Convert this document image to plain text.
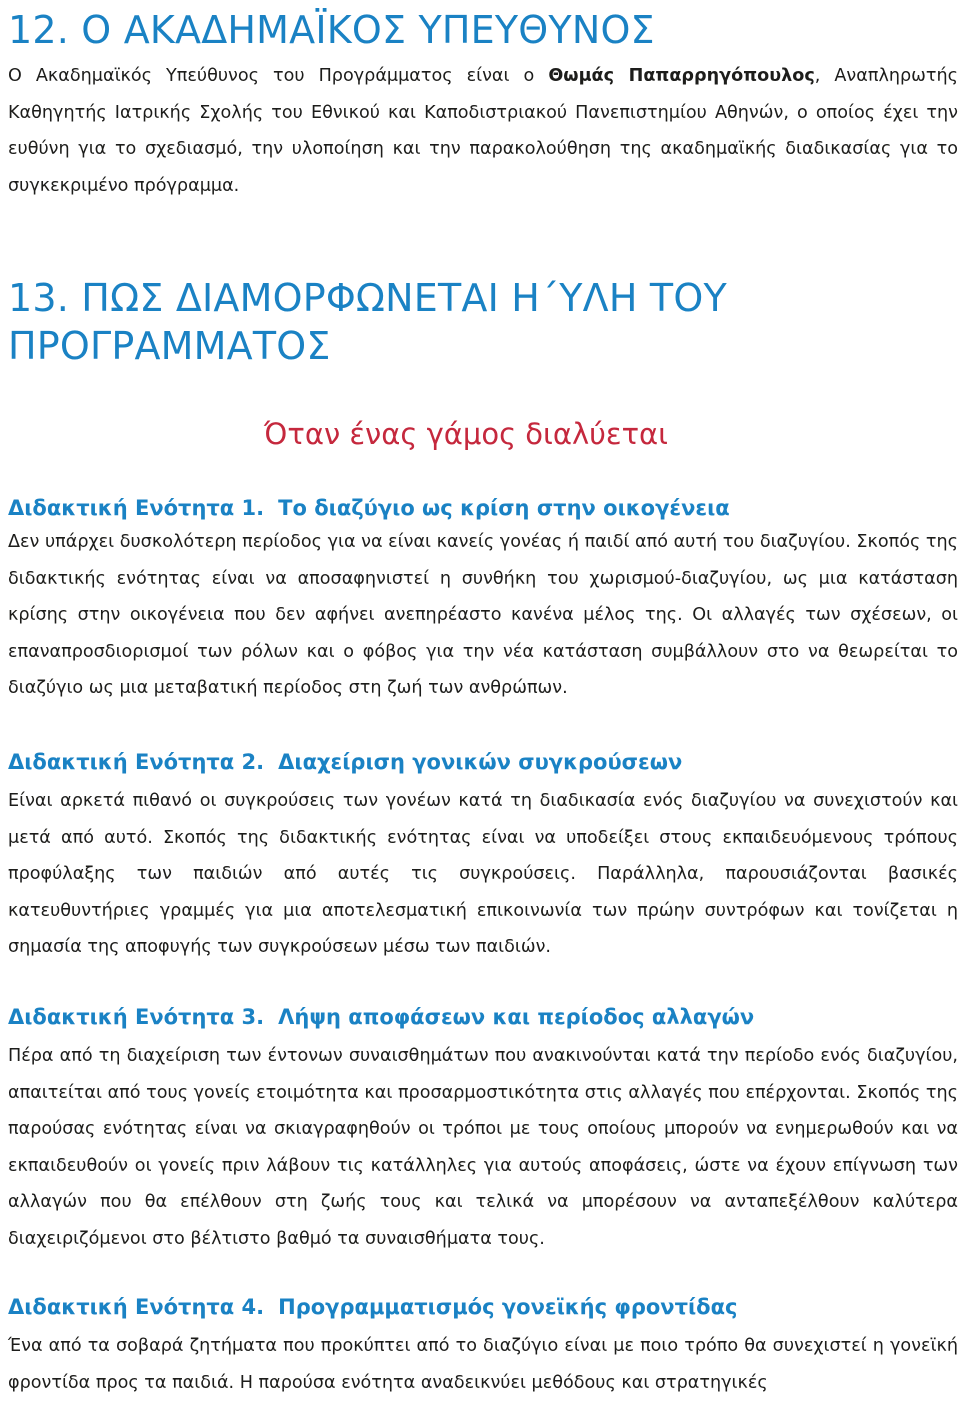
12. Ο ΑΚΑΔΗΜΑΪΚΟΣ ΥΠΕΥΘΥΝΟΣ

Ο Ακαδημαϊκός Υπεύθυνος του Προγράμματος είναι ο Θωμάς Παπαρρηγόπουλος, Αναπληρωτής Καθηγητής Ιατρικής Σχολής του Εθνικού και Καποδιστριακού Πανεπιστημίου Αθηνών, ο οποίος έχει την ευθύνη για το σχεδιασμό, την υλοποίηση και την παρακολούθηση της ακαδημαϊκής διαδικασίας για το συγκεκριμένο πρόγραμμα.

13. ΠΩΣ ΔΙΑΜΟΡΦΩΝΕΤΑΙ Η΄ΥΛΗ ΤΟΥ
ΠΡΟΓΡΑΜΜΑΤΟΣ
Όταν ένας γάμος διαλύεται
Διδακτική Ενότητα 1. Το διαζύγιο ως κρίση στην οικογένεια

Δεν υπάρχει δυσκολότερη περίοδος για να είναι κανείς γονέας ή παιδί από αυτή του διαζυγίου. Σκοπός της διδακτικής ενότητας είναι να αποσαφηνιστεί η συνθήκη του χωρισμού-διαζυγίου, ως μια κατάσταση κρίσης στην οικογένεια που δεν αφήνει ανεπηρέαστο κανένα μέλος της. Οι αλλαγές των σχέσεων, οι επαναπροσδιορισμοί των ρόλων και ο φόβος για την νέα κατάσταση συμβάλλουν στο να θεωρείται το διαζύγιο ως μια μεταβατική περίοδος στη ζωή των ανθρώπων.

Διδακτική Ενότητα 2. Διαχείριση γονικών συγκρούσεων

Είναι αρκετά πιθανό οι συγκρούσεις των γονέων κατά τη διαδικασία ενός διαζυγίου να συνεχιστούν και μετά από αυτό. Σκοπός της διδακτικής ενότητας είναι να υποδείξει στους εκπαιδευόμενους τρόπους προφύλαξης των παιδιών από αυτές τις συγκρούσεις. Παράλληλα, παρουσιάζονται βασικές κατευθυντήριες γραμμές για μια αποτελεσματική επικοινωνία των πρώην συντρόφων και τονίζεται η σημασία της αποφυγής των συγκρούσεων μέσω των παιδιών.

Διδακτική Ενότητα 3. Λήψη αποφάσεων και περίοδος αλλαγών

Πέρα από τη διαχείριση των έντονων συναισθημάτων που ανακινούνται κατά την περίοδο ενός διαζυγίου, απαιτείται από τους γονείς ετοιμότητα και προσαρμοστικότητα στις αλλαγές που επέρχονται. Σκοπός της παρούσας ενότητας είναι να σκιαγραφηθούν οι τρόποι με τους οποίους μπορούν να ενημερωθούν και να εκπαιδευθούν οι γονείς πριν λάβουν τις κατάλληλες για αυτούς αποφάσεις, ώστε να έχουν επίγνωση των αλλαγών που θα επέλθουν στη ζωής τους και τελικά να μπορέσουν να ανταπεξέλθουν καλύτερα διαχειριζόμενοι στο βέλτιστο βαθμό τα συναισθήματα τους.

Διδακτική Ενότητα 4. Προγραμματισμός γονεϊκής φροντίδας

Ένα από τα σοβαρά ζητήματα που προκύπτει από το διαζύγιο είναι με ποιο τρόπο θα συνεχιστεί η γονεϊκή φροντίδα προς τα παιδιά. Η παρούσα ενότητα αναδεικνύει μεθόδους και στρατηγικές
